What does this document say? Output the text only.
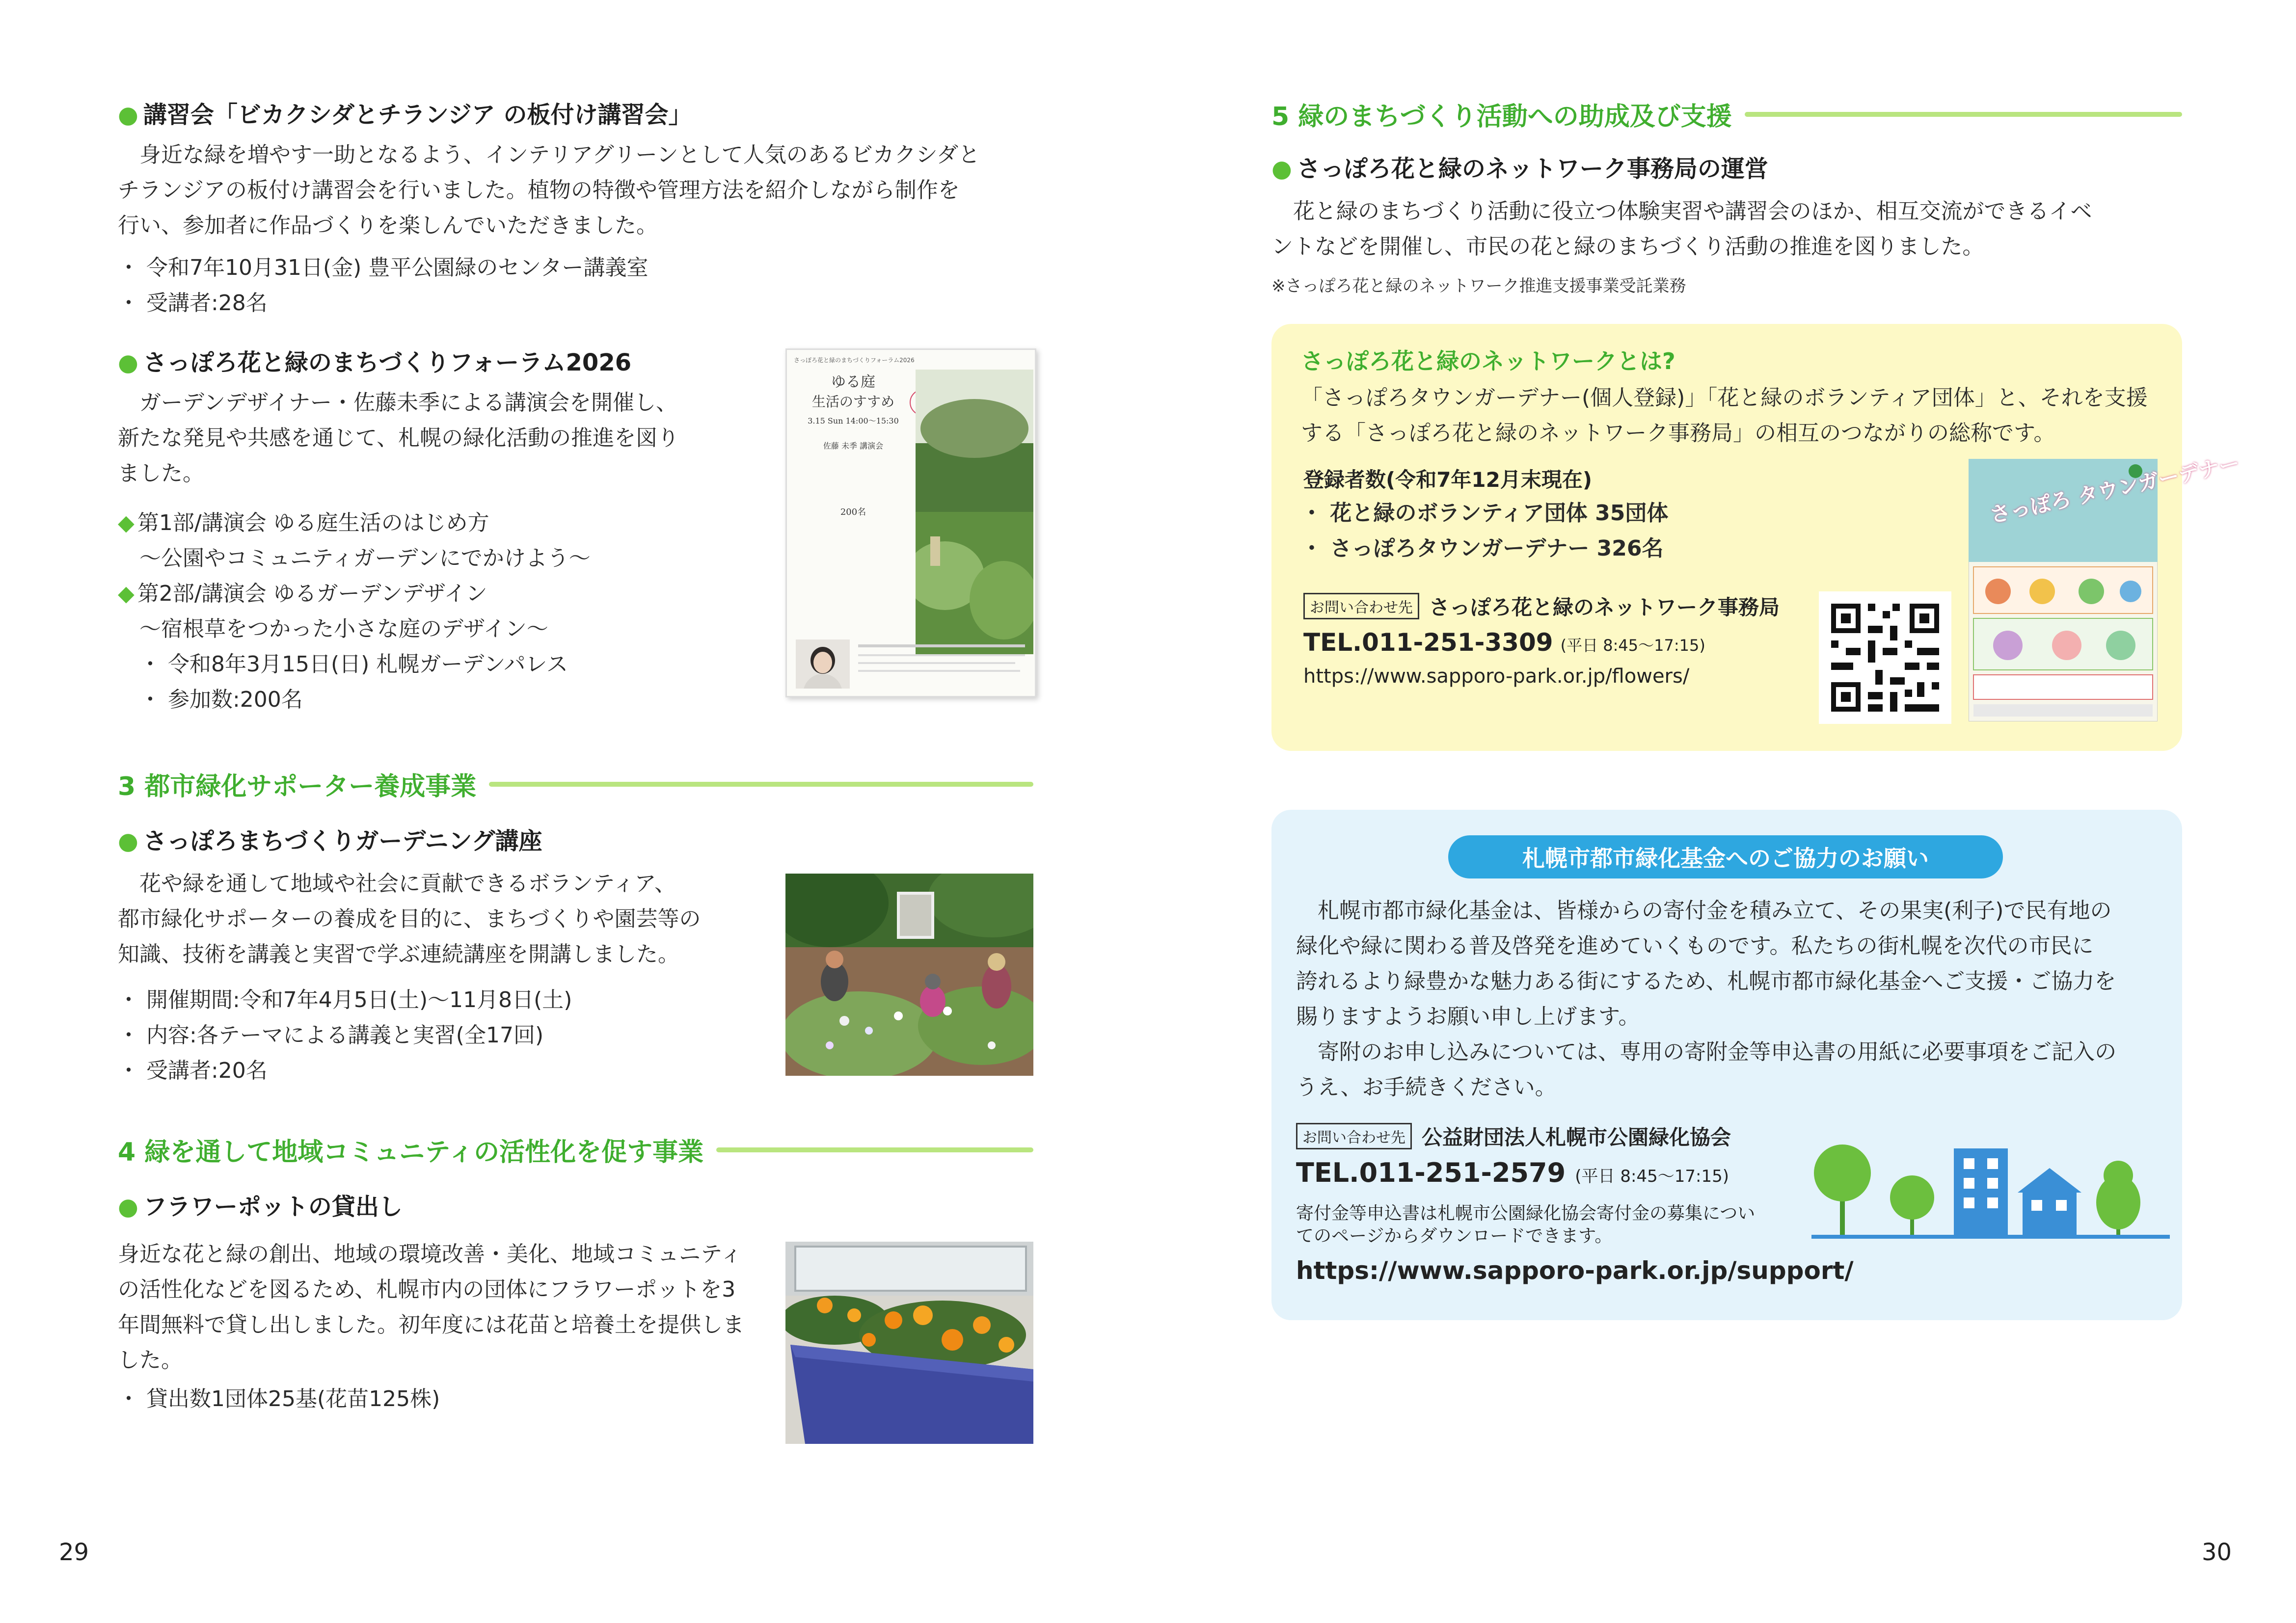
● 講習会「ビカクシダとチランジア の板付け講習会」

身近な緑を増やす一助となるよう、インテリアグリーンとして人気のあるビカクシダと

チランジアの板付け講習会を行いました。植物の特徴や管理方法を紹介しながら制作を

行い、参加者に作品づくりを楽しんでいただきました。

・ 令和7年10月31日(金) 豊平公園緑のセンター講義室
・ 受講者:28名
● さっぽろ花と緑のまちづくりフォーラム2026

ガーデンデザイナー・佐藤未季による講演会を開催し、

新たな発見や共感を通じて、札幌の緑化活動の推進を図り

ました。

◆ 第1部/講演会 ゆる庭生活のはじめ方
～公園やコミュニティガーデンにでかけよう～
◆ 第2部/講演会 ゆるガーデンデザイン
～宿根草をつかった小さな庭のデザイン～
・ 令和8年3月15日(日) 札幌ガーデンパレス
・ 参加数:200名
さっぽろ花と緑のまちづくりフォーラム2026
ゆる庭
生活のすすめ
3.15 Sun 14:00〜15:30
佐藤 未季 講演会
200名
3 都市緑化サポーター養成事業
● さっぽろまちづくりガーデニング講座

花や緑を通して地域や社会に貢献できるボランティア、

都市緑化サポーターの養成を目的に、まちづくりや園芸等の

知識、技術を講義と実習で学ぶ連続講座を開講しました。

・ 開催期間:令和7年4月5日(土)～11月8日(土)
・ 内容:各テーマによる講義と実習(全17回)
・ 受講者:20名
4 緑を通して地域コミュニティの活性化を促す事業
● フラワーポットの貸出し

身近な花と緑の創出、地域の環境改善・美化、地域コミュニティ

の活性化などを図るため、札幌市内の団体にフラワーポットを3

年間無料で貸し出しました。初年度には花苗と培養土を提供しま

した。

・ 貸出数1団体25基(花苗125株)
29
5 緑のまちづくり活動への助成及び支援
● さっぽろ花と緑のネットワーク事務局の運営

花と緑のまちづくり活動に役立つ体験実習や講習会のほか、相互交流ができるイベ

ントなどを開催し、市民の花と緑のまちづくり活動の推進を図りました。

※さっぽろ花と緑のネットワーク推進支援事業受託業務
さっぽろ花と緑のネットワークとは?

「さっぽろタウンガーデナー(個人登録)」「花と緑のボランティア団体」と、それを支援

する「さっぽろ花と緑のネットワーク事務局」の相互のつながりの総称です。

登録者数(令和7年12月末現在)
・ 花と緑のボランティア団体 35団体
・ さっぽろタウンガーデナー 326名
お問い合わせ先 さっぽろ花と緑のネットワーク事務局
TEL.011-251-3309 (平日 8:45〜17:15)
https://www.sapporo-park.or.jp/flowers/
さっぽろ タウンガーデナー
札幌市都市緑化基金へのご協力のお願い

札幌市都市緑化基金は、皆様からの寄付金を積み立て、その果実(利子)で民有地の

緑化や緑に関わる普及啓発を進めていくものです。私たちの街札幌を次代の市民に

誇れるより緑豊かな魅力ある街にするため、札幌市都市緑化基金へご支援・ご協力を

賜りますようお願い申し上げます。

寄附のお申し込みについては、専用の寄附金等申込書の用紙に必要事項をご記入の

うえ、お手続きください。

お問い合わせ先 公益財団法人札幌市公園緑化協会
TEL.011-251-2579 (平日 8:45〜17:15)
寄付金等申込書は札幌市公園緑化協会寄付金の募集につい
てのページからダウンロードできます。
https://www.sapporo-park.or.jp/support/
30
